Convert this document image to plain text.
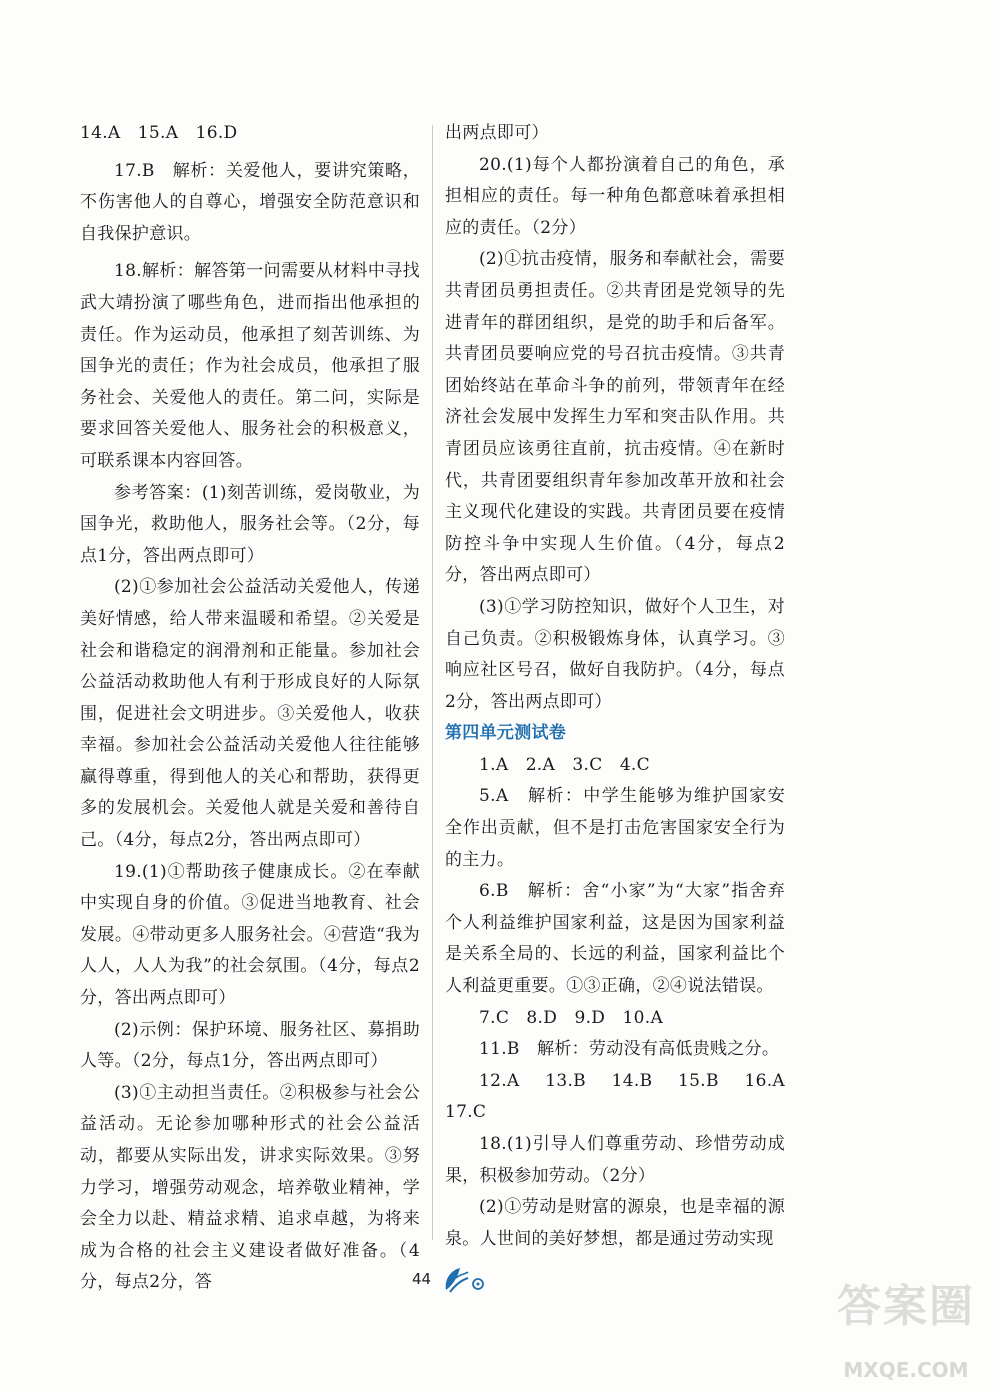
14.A　15.A　16.D

17.B　解析：关爱他人，要讲究策略，不伤害他人的自尊心，增强安全防范意识和自我保护意识。

18.解析：解答第一问需要从材料中寻找武大靖扮演了哪些角色，进而指出他承担的责任。作为运动员，他承担了刻苦训练、为国争光的责任；作为社会成员，他承担了服务社会、关爱他人的责任。第二问，实际是要求回答关爱他人、服务社会的积极意义，可联系课本内容回答。

参考答案：(1)刻苦训练，爱岗敬业，为国争光，救助他人，服务社会等。（2分，每点1分，答出两点即可）

(2)①参加社会公益活动关爱他人，传递美好情感，给人带来温暖和希望。②关爱是社会和谐稳定的润滑剂和正能量。参加社会公益活动救助他人有利于形成良好的人际氛围，促进社会文明进步。③关爱他人，收获幸福。参加社会公益活动关爱他人往往能够赢得尊重，得到他人的关心和帮助，获得更多的发展机会。关爱他人就是关爱和善待自己。（4分，每点2分，答出两点即可）

19.(1)①帮助孩子健康成长。②在奉献中实现自身的价值。③促进当地教育、社会发展。④带动更多人服务社会。④营造“我为人人，人人为我”的社会氛围。（4分，每点2分，答出两点即可）

(2)示例：保护环境、服务社区、募捐助人等。（2分，每点1分，答出两点即可）

(3)①主动担当责任。②积极参与社会公益活动。无论参加哪种形式的社会公益活动，都要从实际出发，讲求实际效果。③努力学习，增强劳动观念，培养敬业精神，学会全力以赴、精益求精、追求卓越，为将来成为合格的社会主义建设者做好准备。（4分，每点2分，答

出两点即可）

20.(1)每个人都扮演着自己的角色，承担相应的责任。每一种角色都意味着承担相应的责任。（2分）

(2)①抗击疫情，服务和奉献社会，需要共青团员勇担责任。②共青团是党领导的先进青年的群团组织，是党的助手和后备军。共青团员要响应党的号召抗击疫情。③共青团始终站在革命斗争的前列，带领青年在经济社会发展中发挥生力军和突击队作用。共青团员应该勇往直前，抗击疫情。④在新时代，共青团要组织青年参加改革开放和社会主义现代化建设的实践。共青团员要在疫情防控斗争中实现人生价值。（4分，每点2分，答出两点即可）

(3)①学习防控知识，做好个人卫生，对自己负责。②积极锻炼身体，认真学习。③响应社区号召，做好自我防护。（4分，每点2分，答出两点即可）

第四单元测试卷

1.A　2.A　3.C　4.C

5.A　解析：中学生能够为维护国家安全作出贡献，但不是打击危害国家安全行为的主力。

6.B　解析：舍“小家”为“大家”指舍弃个人利益维护国家利益，这是因为国家利益是关系全局的、长远的利益，国家利益比个人利益更重要。①③正确，②④说法错误。

7.C　8.D　9.D　10.A

11.B　解析：劳动没有高低贵贱之分。

12.A　13.B　14.B　15.B　16.A　17.C

18.(1)引导人们尊重劳动、珍惜劳动成果，积极参加劳动。（2分）

(2)①劳动是财富的源泉，也是幸福的源泉。人世间的美好梦想，都是通过劳动实现

44
答案圈
MXQE.COM
